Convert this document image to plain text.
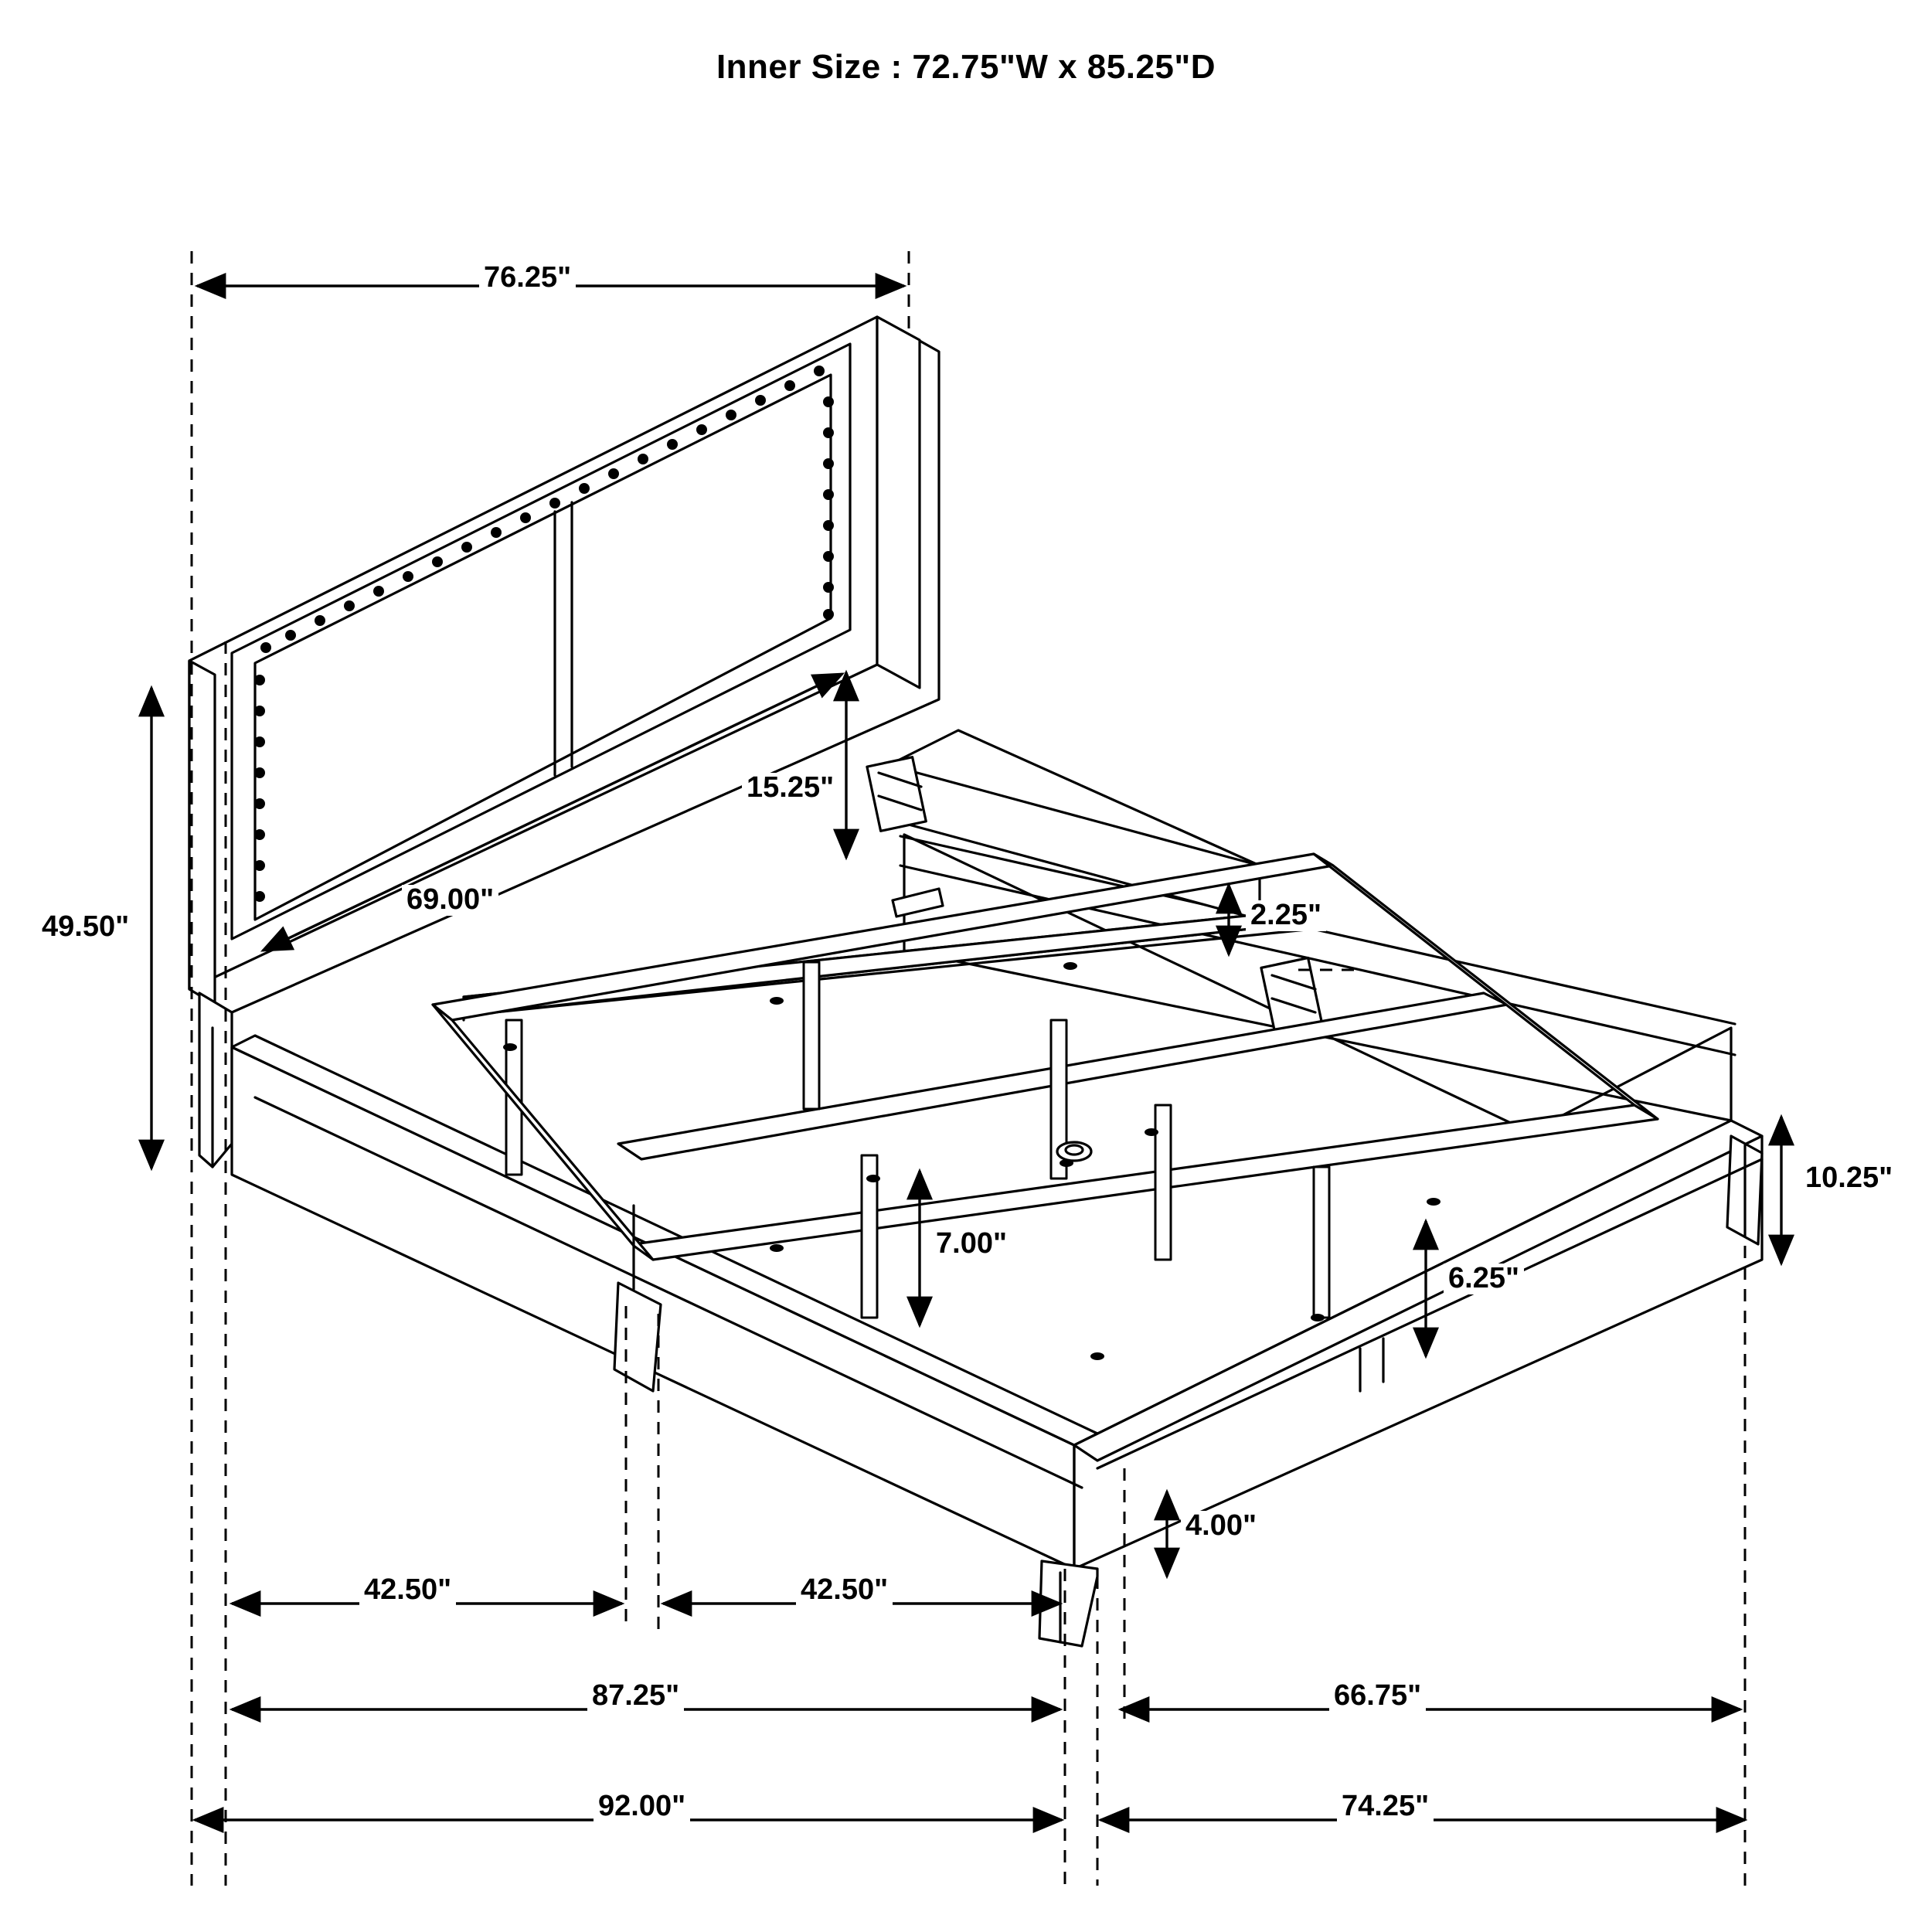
Inner Size : 72.75"W x 85.25"D
76.25"
15.25"
69.00"
49.50"	2.25"
10.25"
7.00"
6.25"
4.00"
42.50"	42.50"
87.25"	66.75"
92.00"	74.25"
